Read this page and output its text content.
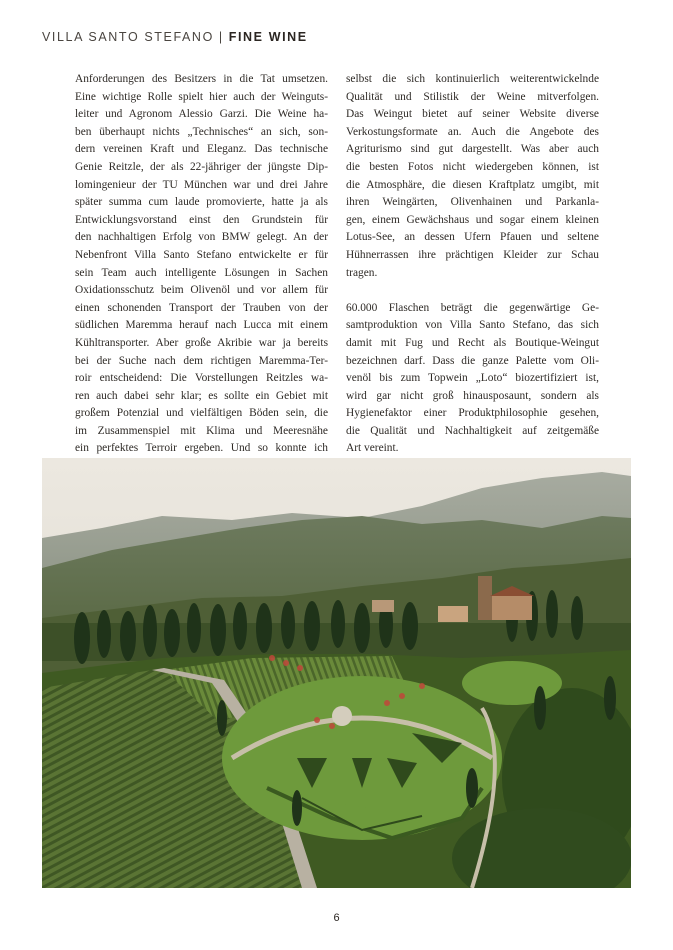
VILLA SANTO STEFANO | FINE WINE
Anforderungen des Besitzers in die Tat umsetzen.
Eine wichtige Rolle spielt hier auch der Weinguts-
leiter und Agronom Alessio Garzi. Die Weine ha-
ben überhaupt nichts „Technisches“ an sich, son-
dern vereinen Kraft und Eleganz. Das technische
Genie Reitzle, der als 22-jähriger der jüngste Dip-
lomingenieur der TU München war und drei Jahre
später summa cum laude promovierte, hatte ja als
Entwicklungsvorstand einst den Grundstein für
den nachhaltigen Erfolg von BMW gelegt. An der
Nebenfront Villa Santo Stefano entwickelte er für
sein Team auch intelligente Lösungen in Sachen
Oxidationsschutz beim Olivenöl und vor allem für
einen schonenden Transport der Trauben von der
südlichen Maremma herauf nach Lucca mit einem
Kühltransporter. Aber große Akribie war ja bereits
bei der Suche nach dem richtigen Maremma-Ter-
roir entscheidend: Die Vorstellungen Reitzles wa-
ren auch dabei sehr klar; es sollte ein Gebiet mit
großem Potenzial und vielfältigen Böden sein, die
im Zusammenspiel mit Klima und Meeresnähe
ein perfektes Terroir ergeben. Und so konnte ich
selbst die sich kontinuierlich weiterentwickelnde
Qualität und Stilistik der Weine mitverfolgen.
Das Weingut bietet auf seiner Website diverse
Verkostungsformate an. Auch die Angebote des
Agriturismo sind gut dargestellt. Was aber auch
die besten Fotos nicht wiedergeben können, ist
die Atmosphäre, die diesen Kraftplatz umgibt, mit
ihren Weingärten, Olivenhainen und Parkanla-
gen, einem Gewächshaus und sogar einem kleinen
Lotus-See, an dessen Ufern Pfauen und seltene
Hühnerrassen ihre prächtigen Kleider zur Schau
tragen.
60.000 Flaschen beträgt die gegenwärtige Ge-
samtproduktion von Villa Santo Stefano, das sich
damit mit Fug und Recht als Boutique-Weingut
bezeichnen darf. Dass die ganze Palette vom Oli-
venöl bis zum Topwein „Loto“ biozertifiziert ist,
wird gar nicht groß hinausposaunt, sondern als
Hygienefaktor einer Produktphilosophie gesehen,
die Qualität und Nachhaltigkeit auf zeitgemäße
Art vereint.
6
